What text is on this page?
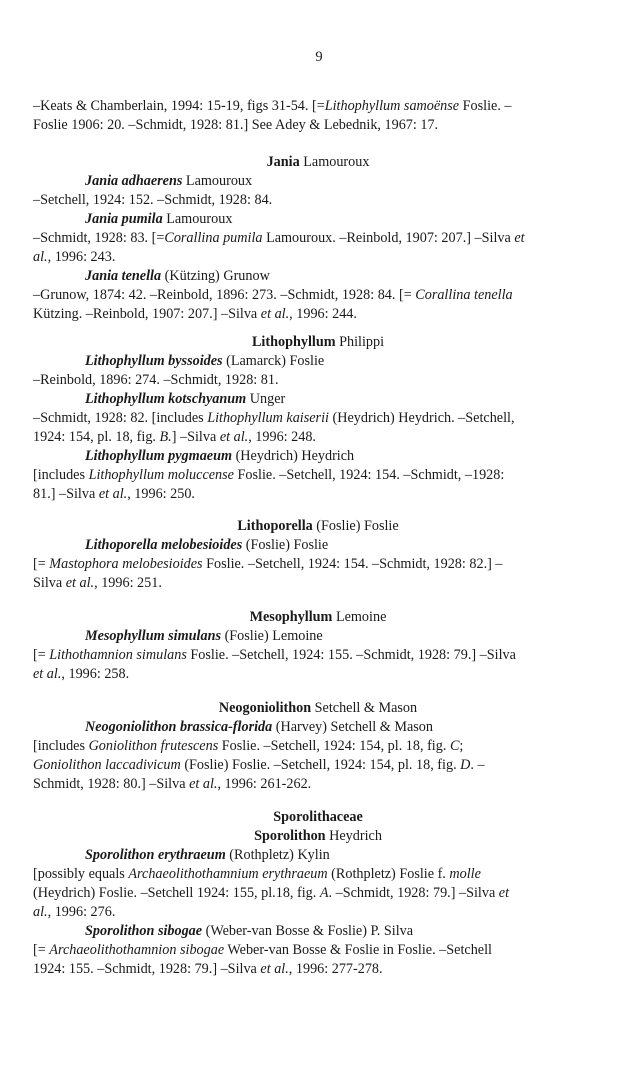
9
–Keats & Chamberlain, 1994: 15-19, figs 31-54. [=Lithophyllum samoënse Foslie. –
Foslie 1906: 20. –Schmidt, 1928: 81.] See Adey & Lebednik, 1967: 17.
Jania Lamouroux
Jania adhaerens Lamouroux
–Setchell, 1924: 152. –Schmidt, 1928: 84.
Jania pumila Lamouroux
–Schmidt, 1928: 83. [=Corallina pumila Lamouroux. –Reinbold, 1907: 207.] –Silva et
al., 1996: 243.
Jania tenella (Kützing) Grunow
–Grunow, 1874: 42. –Reinbold, 1896: 273. –Schmidt, 1928: 84. [= Corallina tenella
Kützing. –Reinbold, 1907: 207.] –Silva et al., 1996: 244.
Lithophyllum Philippi
Lithophyllum byssoides (Lamarck) Foslie
–Reinbold, 1896: 274. –Schmidt, 1928: 81.
Lithophyllum kotschyanum Unger
–Schmidt, 1928: 82. [includes Lithophyllum kaiserii (Heydrich) Heydrich. –Setchell,
1924: 154, pl. 18, fig. B.] –Silva et al., 1996: 248.
Lithophyllum pygmaeum (Heydrich) Heydrich
[includes Lithophyllum moluccense Foslie. –Setchell, 1924: 154. –Schmidt, –1928:
81.] –Silva et al., 1996: 250.
Lithoporella (Foslie) Foslie
Lithoporella melobesioides (Foslie) Foslie
[= Mastophora melobesioides Foslie. –Setchell, 1924: 154. –Schmidt, 1928: 82.] –
Silva et al., 1996: 251.
Mesophyllum Lemoine
Mesophyllum simulans (Foslie) Lemoine
[= Lithothamnion simulans Foslie. –Setchell, 1924: 155. –Schmidt, 1928: 79.] –Silva
et al., 1996: 258.
Neogoniolithon Setchell & Mason
Neogoniolithon brassica-florida (Harvey) Setchell & Mason
[includes Goniolithon frutescens Foslie. –Setchell, 1924: 154, pl. 18, fig. C;
Goniolithon laccadivicum (Foslie) Foslie. –Setchell, 1924: 154, pl. 18, fig. D. –
Schmidt, 1928: 80.] –Silva et al., 1996: 261-262.
Sporolithaceae
Sporolithon Heydrich
Sporolithon erythraeum (Rothpletz) Kylin
[possibly equals Archaeolithothamnium erythraeum (Rothpletz) Foslie f. molle
(Heydrich) Foslie. –Setchell 1924: 155, pl.18, fig. A. –Schmidt, 1928: 79.] –Silva et
al., 1996: 276.
Sporolithon sibogae (Weber-van Bosse & Foslie) P. Silva
[= Archaeolithothamnion sibogae Weber-van Bosse & Foslie in Foslie. –Setchell
1924: 155. –Schmidt, 1928: 79.] –Silva et al., 1996: 277-278.
